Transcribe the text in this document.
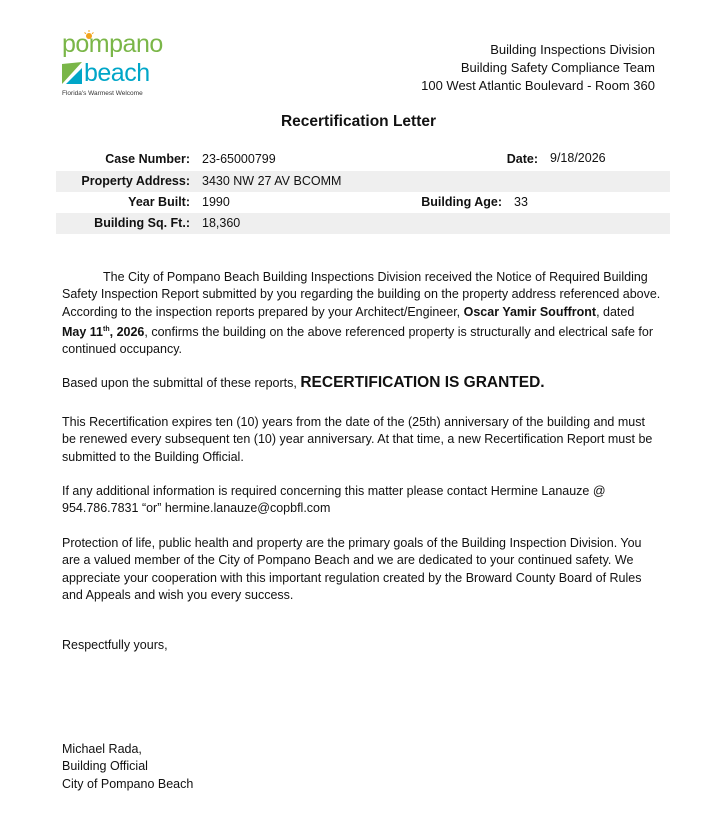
pompano
beach
Florida's Warmest Welcome
Building Inspections Division
Building Safety Compliance Team
100 West Atlantic Boulevard - Room 360
Recertification Letter
Case Number: 23-65000799	Date: 9/18/2026
Property Address: 3430 NW 27 AV BCOMM
Year Built: 1990	Building Age: 33
Building Sq. Ft.: 18,360
The City of Pompano Beach Building Inspections Division received the Notice of Required Building Safety Inspection Report submitted by you regarding the building on the property address referenced above. According to the inspection reports prepared by your Architect/Engineer, Oscar Yamir Souffront, dated May 11th, 2026, confirms the building on the above referenced property is structurally and electrical safe for continued occupancy.
Based upon the submittal of these reports, RECERTIFICATION IS GRANTED.
This Recertification expires ten (10) years from the date of the (25th) anniversary of the building and must be renewed every subsequent ten (10) year anniversary. At that time, a new Recertification Report must be submitted to the Building Official.
If any additional information is required concerning this matter please contact Hermine Lanauze @ 954.786.7831 “or” hermine.lanauze@copbfl.com
Protection of life, public health and property are the primary goals of the Building Inspection Division. You are a valued member of the City of Pompano Beach and we are dedicated to your continued safety. We appreciate your cooperation with this important regulation created by the Broward County Board of Rules and Appeals and wish you every success.
Respectfully yours,
Michael Rada,
Building Official
City of Pompano Beach
